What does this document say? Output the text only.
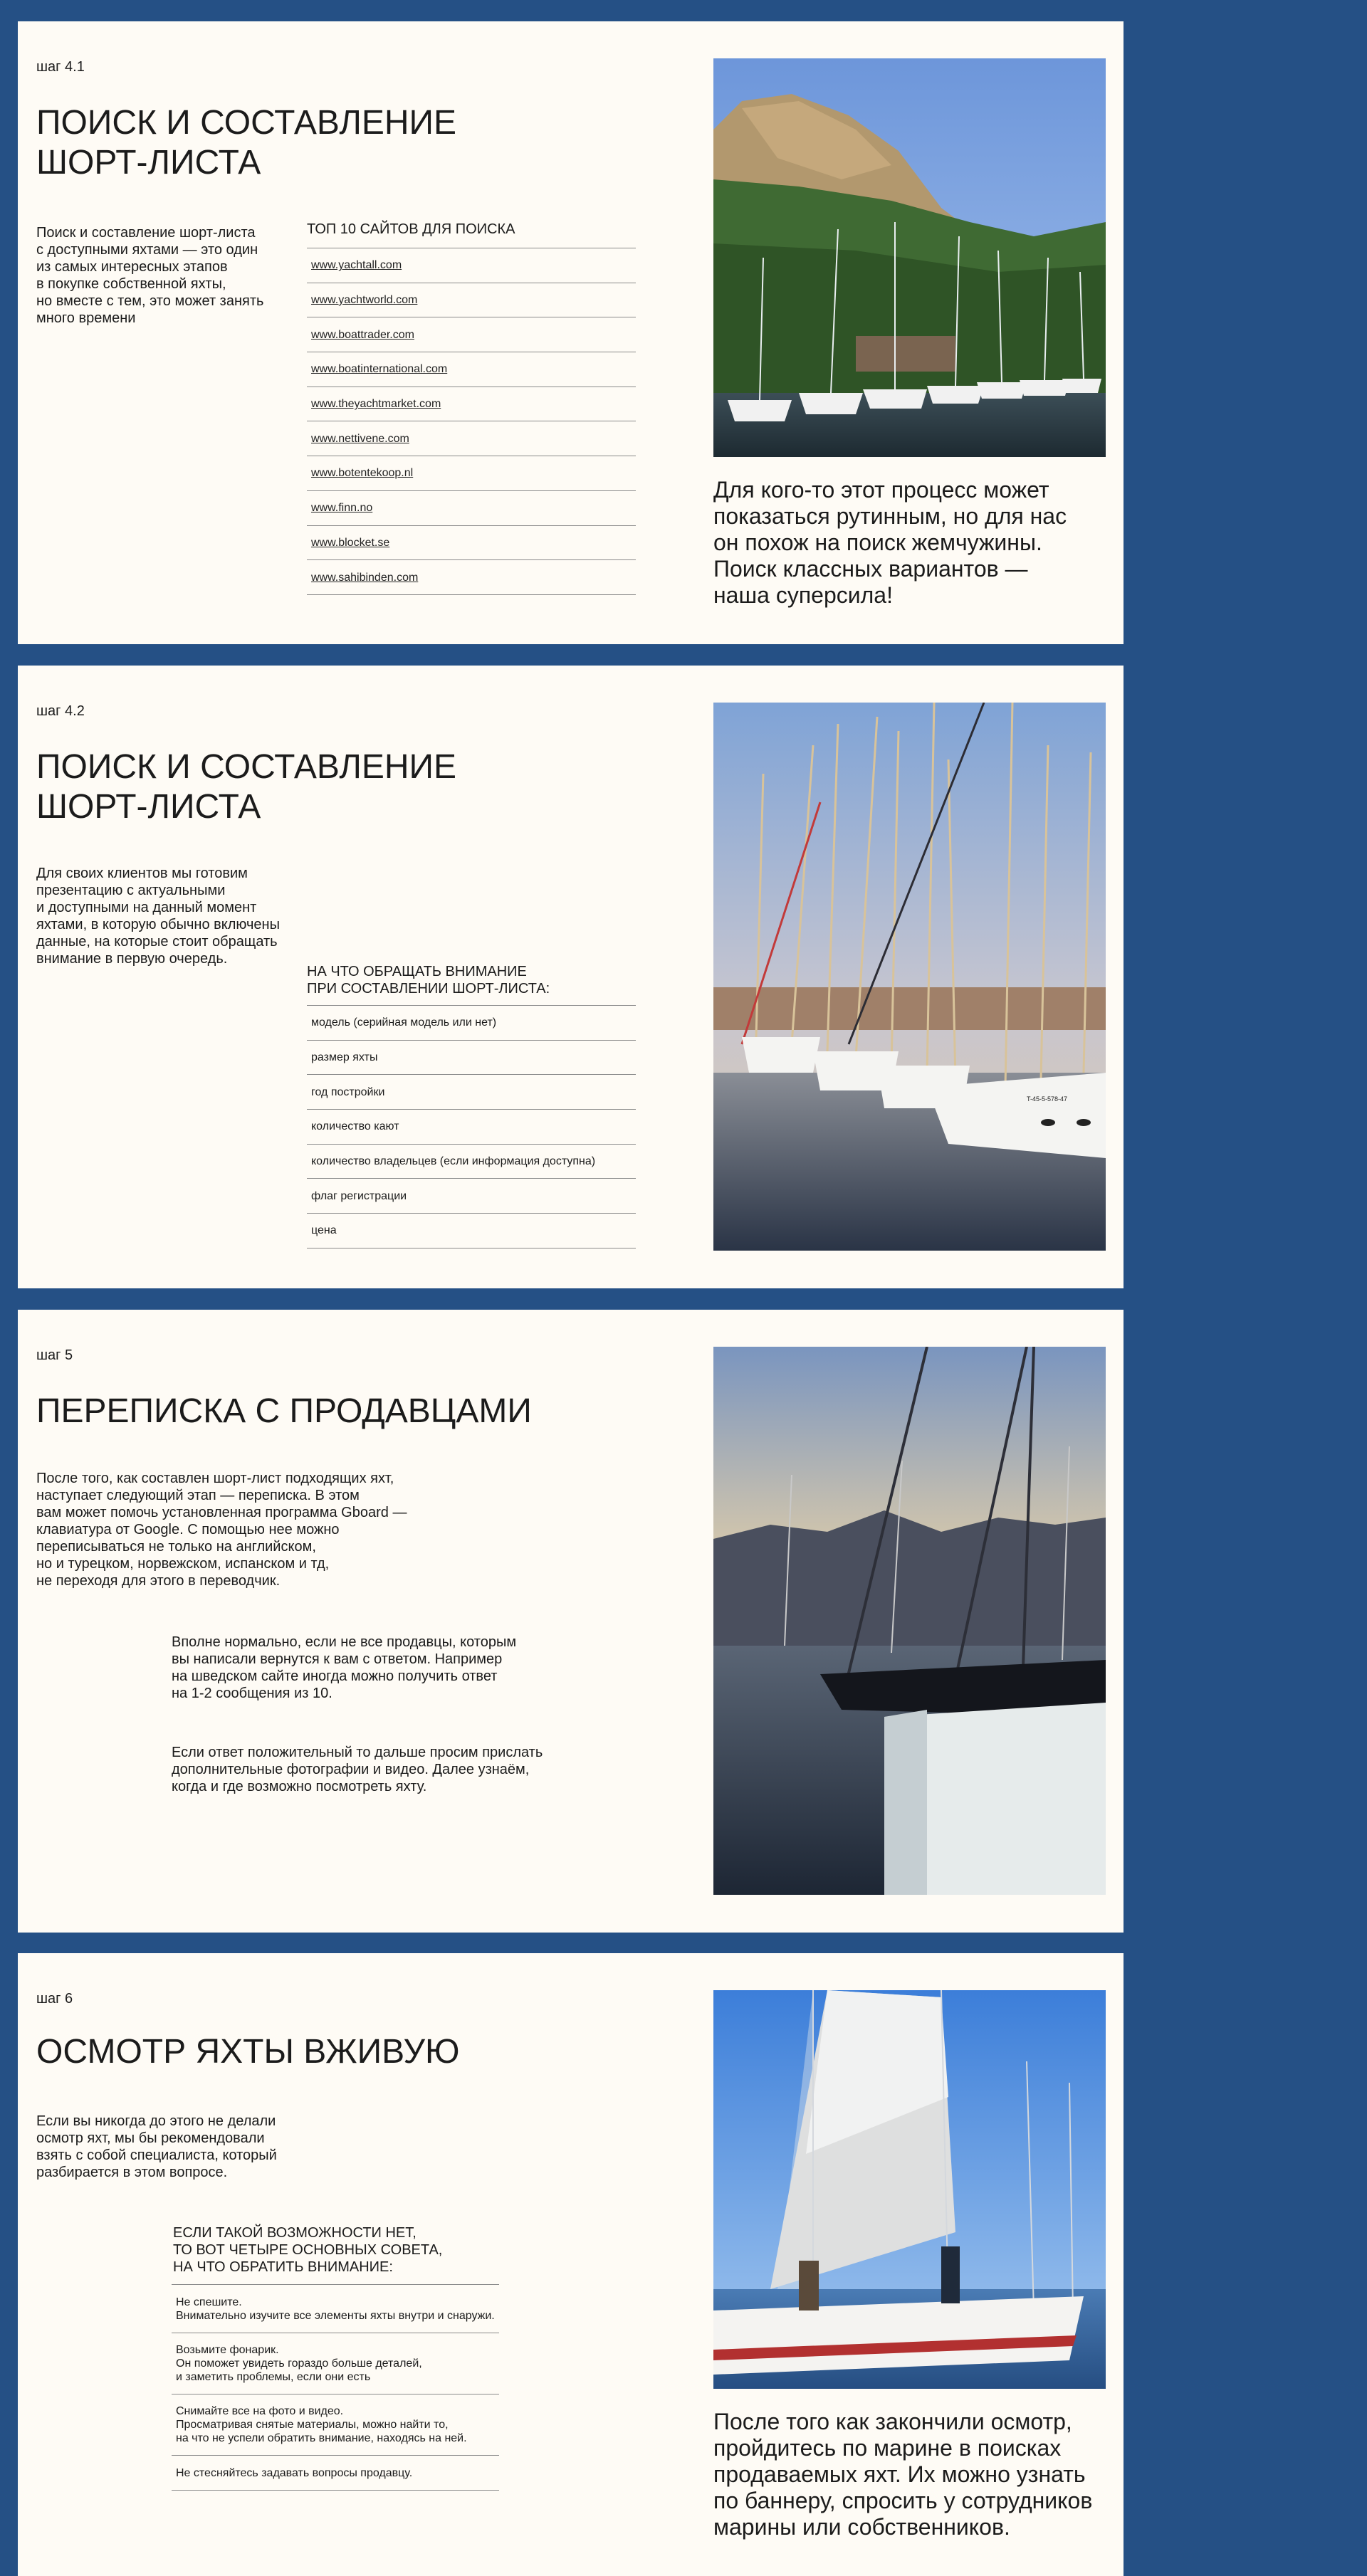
шаг 4.1
ПОИСК И СОСТАВЛЕНИЕ
ШОРТ-ЛИСТА

Поиск и составление шорт-листа
с доступными яхтами — это один
из самых интересных этапов
в покупке собственной яхты,
но вместе с тем, это может занять
много времени

ТОП 10 САЙТОВ ДЛЯ ПОИСКА

www.yachtall.com
www.yachtworld.com
www.boattrader.com
www.boatinternational.com
www.theyachtmarket.com
www.nettivene.com
www.botentekoop.nl
www.finn.no
www.blocket.se
www.sahibinden.com

Для кого-то этот процесс может
показаться рутинным, но для нас
он похож на поиск жемчужины.
Поиск классных вариантов —
наша суперсила!

шаг 4.2
ПОИСК И СОСТАВЛЕНИЕ
ШОРТ-ЛИСТА

Для своих клиентов мы готовим
презентацию с актуальными
и доступными на данный момент
яхтами, в которую обычно включены
данные, на которые стоит обращать
внимание в первую очередь.

НА ЧТО ОБРАЩАТЬ ВНИМАНИЕ
ПРИ СОСТАВЛЕНИИ ШОРТ-ЛИСТА:

модель (серийная модель или нет)
размер яхты
год постройки
количество кают
количество владельцев (если информация доступна)
флаг регистрации
цена
T-45-5-578-47
шаг 5
ПЕРЕПИСКА С ПРОДАВЦАМИ

После того, как составлен шорт-лист подходящих яхт,
наступает следующий этап — переписка. В этом
вам может помочь установленная программа Gboard —
клавиатура от Google. С помощью нее можно
переписываться не только на английском,
но и турецком, норвежском, испанском и тд,
не переходя для этого в переводчик.

Вполне нормально, если не все продавцы, которым
вы написали вернутся к вам с ответом. Например
на шведском сайте иногда можно получить ответ
на 1-2 сообщения из 10.

Если ответ положительный то дальше просим прислать
дополнительные фотографии и видео. Далее узнаём,
когда и где возможно посмотреть яхту.

шаг 6
ОСМОТР ЯХТЫ ВЖИВУЮ

Если вы никогда до этого не делали
осмотр яхт, мы бы рекомендовали
взять с собой специалиста, который
разбирается в этом вопросе.

ЕСЛИ ТАКОЙ ВОЗМОЖНОСТИ НЕТ,
ТО ВОТ ЧЕТЫРЕ ОСНОВНЫХ СОВЕТА,
НА ЧТО ОБРАТИТЬ ВНИМАНИЕ:

Не спешите.
Внимательно изучите все элементы яхты внутри и снаружи.
Возьмите фонарик.
Он поможет увидеть гораздо больше деталей,
и заметить проблемы, если они есть
Снимайте все на фото и видео.
Просматривая снятые материалы, можно найти то,
на что не успели обратить внимание, находясь на ней.
Не стесняйтесь задавать вопросы продавцу.

После того как закончили осмотр,
пройдитесь по марине в поисках
продаваемых яхт. Их можно узнать
по баннеру, спросить у сотрудников
марины или собственников.
